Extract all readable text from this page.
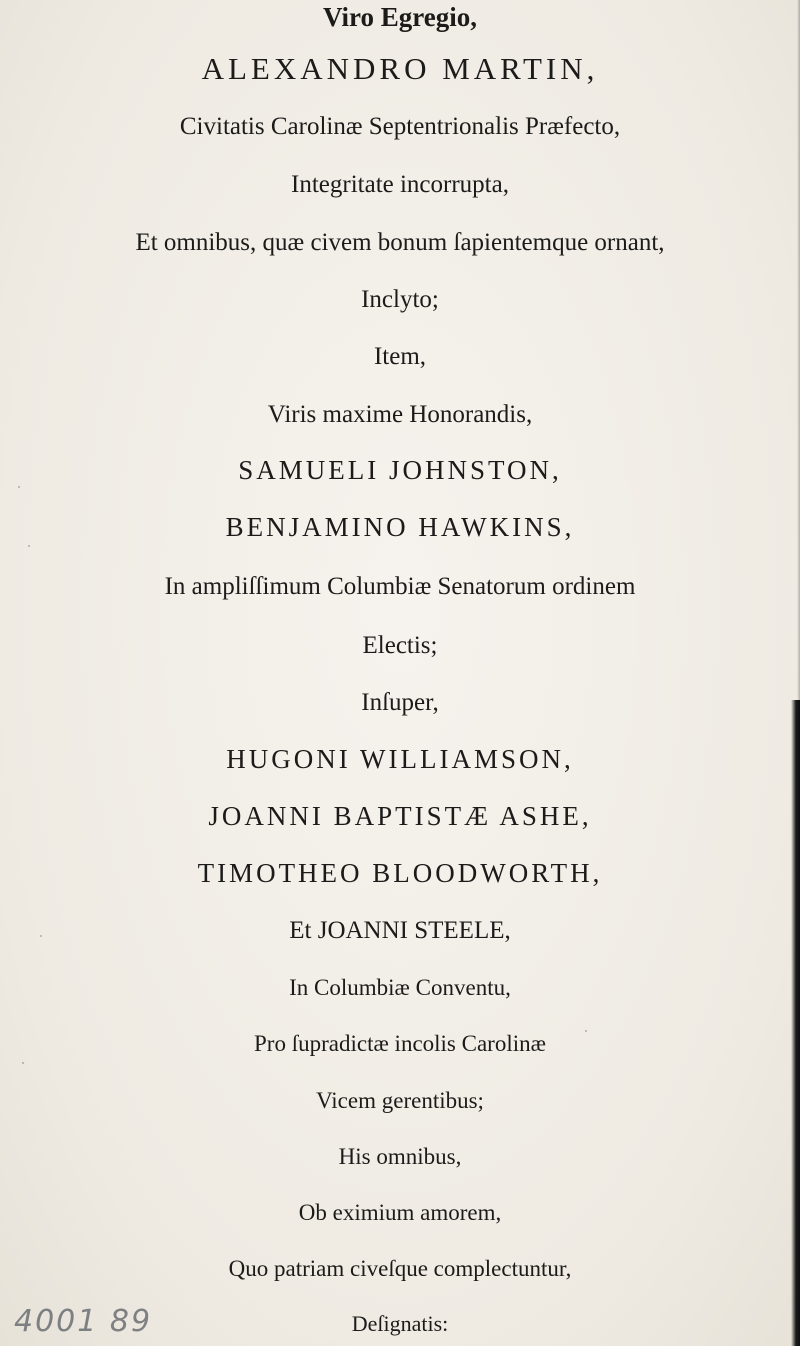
Viro Egregio,
ALEXANDRO MARTIN,
Civitatis Carolinæ Septentrionalis Præfecto,
Integritate incorrupta,
Et omnibus, quæ civem bonum ſapientemque ornant,
Inclyto;
Item,
Viris maxime Honorandis,
SAMUELI JOHNSTON,
BENJAMINO HAWKINS,
In ampliſſimum Columbiæ Senatorum ordinem
Electis;
Inſuper,
HUGONI WILLIAMSON,
JOANNI BAPTISTÆ ASHE,
TIMOTHEO BLOODWORTH,
Et JOANNI STEELE,
In Columbiæ Conventu,
Pro ſupradictæ incolis Carolinæ
Vicem gerentibus;
His omnibus,
Ob eximium amorem,
Quo patriam civeſque complectuntur,
Deſignatis:
4001 89
